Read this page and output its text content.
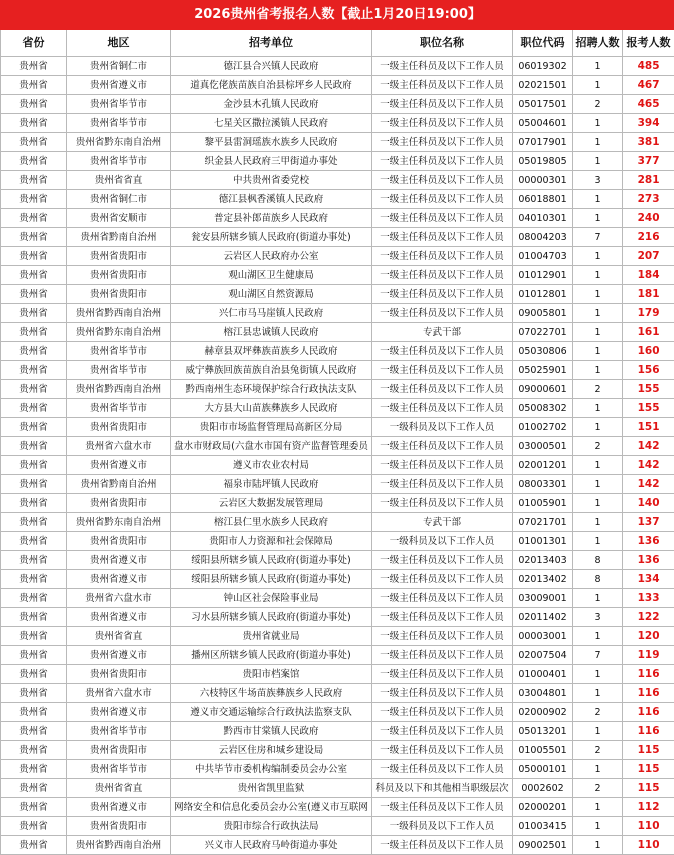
2026贵州省考报名人数【截止1月20日19:00】						
省份	地区	招考单位	职位名称	职位代码	招聘人数	报考人数
贵州省	贵州省铜仁市	德江县合兴镇人民政府	一级主任科员及以下工作人员	06019302	1	485
贵州省	贵州省遵义市	道真仡佬族苗族自治县棕坪乡人民政府	一级主任科员及以下工作人员	02021501	1	467
贵州省	贵州省毕节市	金沙县木孔镇人民政府	一级主任科员及以下工作人员	05017501	2	465
贵州省	贵州省毕节市	七星关区撒拉溪镇人民政府	一级主任科员及以下工作人员	05004601	1	394
贵州省	贵州省黔东南自治州	黎平县雷洞瑶族水族乡人民政府	一级主任科员及以下工作人员	07017901	1	381
贵州省	贵州省毕节市	织金县人民政府三甲街道办事处	一级主任科员及以下工作人员	05019805	1	377
贵州省	贵州省省直	中共贵州省委党校	一级主任科员及以下工作人员	00000301	3	281
贵州省	贵州省铜仁市	德江县枫香溪镇人民政府	一级主任科员及以下工作人员	06018801	1	273
贵州省	贵州省安顺市	普定县补郎苗族乡人民政府	一级主任科员及以下工作人员	04010301	1	240
贵州省	贵州省黔南自治州	瓮安县所辖乡镇人民政府(街道办事处)	一级主任科员及以下工作人员	08004203	7	216
贵州省	贵州省贵阳市	云岩区人民政府办公室	一级主任科员及以下工作人员	01004703	1	207
贵州省	贵州省贵阳市	观山湖区卫生健康局	一级主任科员及以下工作人员	01012901	1	184
贵州省	贵州省贵阳市	观山湖区自然资源局	一级主任科员及以下工作人员	01012801	1	181
贵州省	贵州省黔西南自治州	兴仁市马马崖镇人民政府	一级主任科员及以下工作人员	09005801	1	179
贵州省	贵州省黔东南自治州	榕江县忠诚镇人民政府	专武干部	07022701	1	161
贵州省	贵州省毕节市	赫章县双坪彝族苗族乡人民政府	一级主任科员及以下工作人员	05030806	1	160
贵州省	贵州省毕节市	威宁彝族回族苗族自治县兔街镇人民政府	一级主任科员及以下工作人员	05025901	1	156
贵州省	贵州省黔西南自治州	黔西南州生态环境保护综合行政执法支队	一级主任科员及以下工作人员	09000601	2	155
贵州省	贵州省毕节市	大方县大山苗族彝族乡人民政府	一级主任科员及以下工作人员	05008302	1	155
贵州省	贵州省贵阳市	贵阳市市场监督管理局高新区分局	一级科员及以下工作人员	01002702	1	151
贵州省	贵州省六盘水市	盘水市财政局(六盘水市国有资产监督管理委员	一级主任科员及以下工作人员	03000501	2	142
贵州省	贵州省遵义市	遵义市农业农村局	一级主任科员及以下工作人员	02001201	1	142
贵州省	贵州省黔南自治州	福泉市陆坪镇人民政府	一级主任科员及以下工作人员	08003301	1	142
贵州省	贵州省贵阳市	云岩区大数据发展管理局	一级主任科员及以下工作人员	01005901	1	140
贵州省	贵州省黔东南自治州	榕江县仁里水族乡人民政府	专武干部	07021701	1	137
贵州省	贵州省贵阳市	贵阳市人力资源和社会保障局	一级科员及以下工作人员	01001301	1	136
贵州省	贵州省遵义市	绥阳县所辖乡镇人民政府(街道办事处)	一级主任科员及以下工作人员	02013403	8	136
贵州省	贵州省遵义市	绥阳县所辖乡镇人民政府(街道办事处)	一级主任科员及以下工作人员	02013402	8	134
贵州省	贵州省六盘水市	钟山区社会保险事业局	一级主任科员及以下工作人员	03009001	1	133
贵州省	贵州省遵义市	习水县所辖乡镇人民政府(街道办事处)	一级主任科员及以下工作人员	02011402	3	122
贵州省	贵州省省直	贵州省就业局	一级主任科员及以下工作人员	00003001	1	120
贵州省	贵州省遵义市	播州区所辖乡镇人民政府(街道办事处)	一级主任科员及以下工作人员	02007504	7	119
贵州省	贵州省贵阳市	贵阳市档案馆	一级主任科员及以下工作人员	01000401	1	116
贵州省	贵州省六盘水市	六枝特区牛场苗族彝族乡人民政府	一级主任科员及以下工作人员	03004801	1	116
贵州省	贵州省遵义市	遵义市交通运输综合行政执法监察支队	一级主任科员及以下工作人员	02000902	2	116
贵州省	贵州省毕节市	黔西市甘棠镇人民政府	一级主任科员及以下工作人员	05013201	1	116
贵州省	贵州省贵阳市	云岩区住房和城乡建设局	一级主任科员及以下工作人员	01005501	2	115
贵州省	贵州省毕节市	中共毕节市委机构编制委员会办公室	一级主任科员及以下工作人员	05000101	1	115
贵州省	贵州省省直	贵州省凯里监狱	科员及以下和其他相当职级层次	0002602	2	115
贵州省	贵州省遵义市	网络安全和信息化委员会办公室(遵义市互联网	一级主任科员及以下工作人员	02000201	1	112
贵州省	贵州省贵阳市	贵阳市综合行政执法局	一级科员及以下工作人员	01003415	1	110
贵州省	贵州省黔西南自治州	兴义市人民政府马岭街道办事处	一级主任科员及以下工作人员	09002501	1	110
